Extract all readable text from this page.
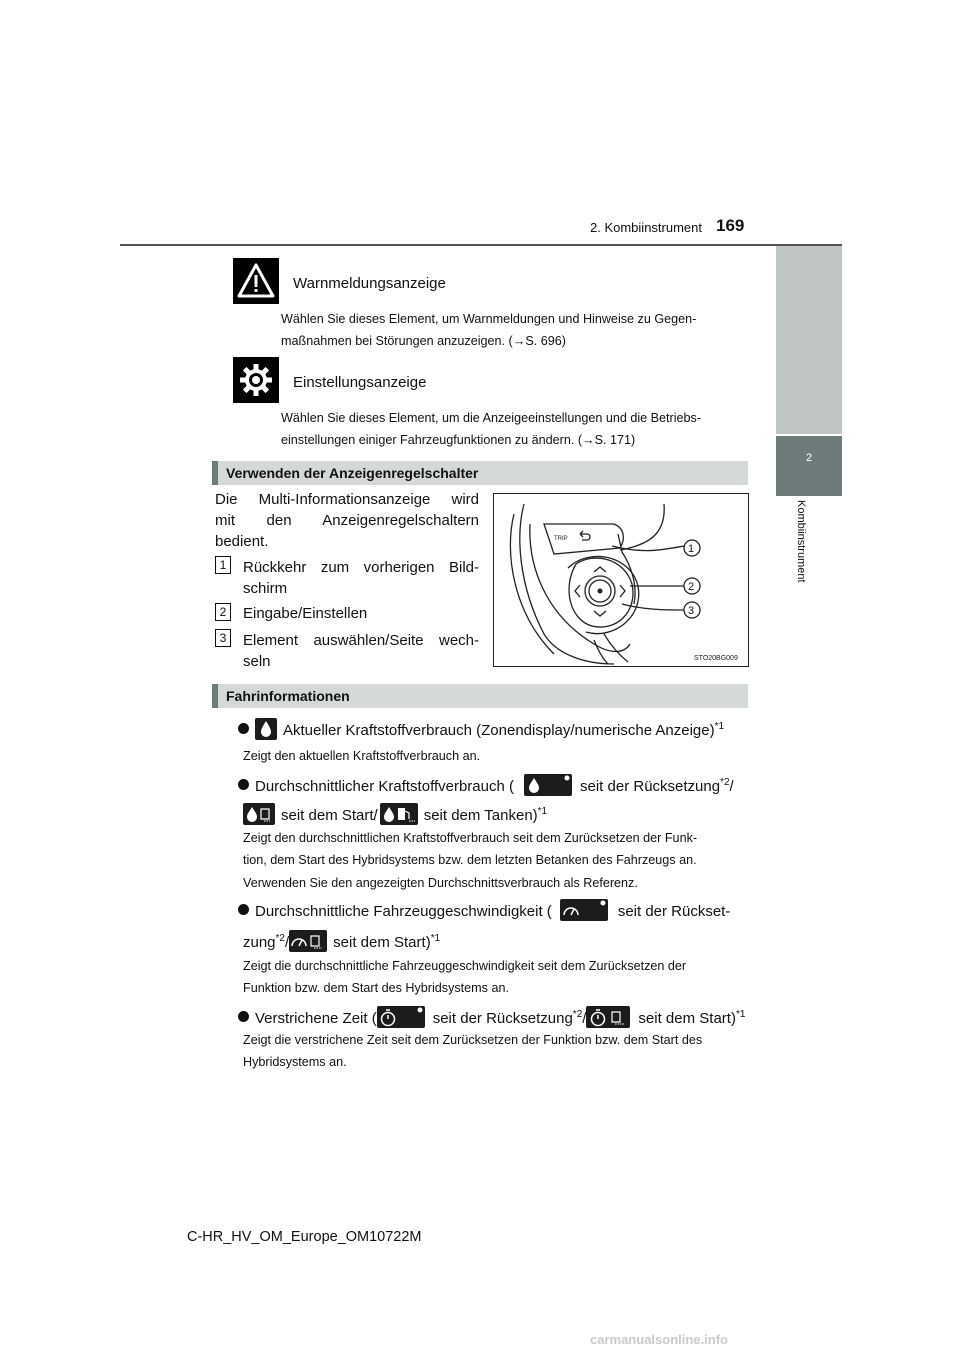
169
2. Kombiinstrument
2
Kombiinstrument
Warnmeldungsanzeige
Wählen Sie dieses Element, um Warnmeldungen und Hinweise zu Gegen-
maßnahmen bei Störungen anzuzeigen. (→S. 696)
Einstellungsanzeige
Wählen Sie dieses Element, um die Anzeigeeinstellungen und die Betriebs-
einstellungen einiger Fahrzeugfunktionen zu ändern. (→S. 171)
Verwenden der Anzeigenregelschalter
Die Multi-Informationsanzeige wird
mit den Anzeigenregelschaltern
bedient.
1	Rückkehr zum vorherigen Bild-
schirm
2	Eingabe/Einstellen
3	Element auswählen/Seite wech-
seln
TRIP
1
2
3
STO20BG009
Fahrinformationen
Aktueller Kraftstoffverbrauch (Zonendisplay/numerische Anzeige)$^{*1}$
Zeigt den aktuellen Kraftstoffverbrauch an.
Durchschnittlicher Kraftstoffverbrauch (	seit der Rücksetzung$^{*2}$/
seit dem Start/	seit dem Tanken)$^{*1}$
Zeigt den durchschnittlichen Kraftstoffverbrauch seit dem Zurücksetzen der Funk-
tion, dem Start des Hybridsystems bzw. dem letzten Betanken des Fahrzeugs an.
Verwenden Sie den angezeigten Durchschnittsverbrauch als Referenz.
Durchschnittliche Fahrzeuggeschwindigkeit (	seit der Rückset-
zung$^{*2}$/	seit dem Start)$^{*1}$
Zeigt die durchschnittliche Fahrzeuggeschwindigkeit seit dem Zurücksetzen der
Funktion bzw. dem Start des Hybridsystems an.
Verstrichene Zeit (	seit der Rücksetzung$^{*2}$/	seit dem Start)$^{*1}$
Zeigt die verstrichene Zeit seit dem Zurücksetzen der Funktion bzw. dem Start des
Hybridsystems an.
C-HR_HV_OM_Europe_OM10722M
carmanualsonline.info
